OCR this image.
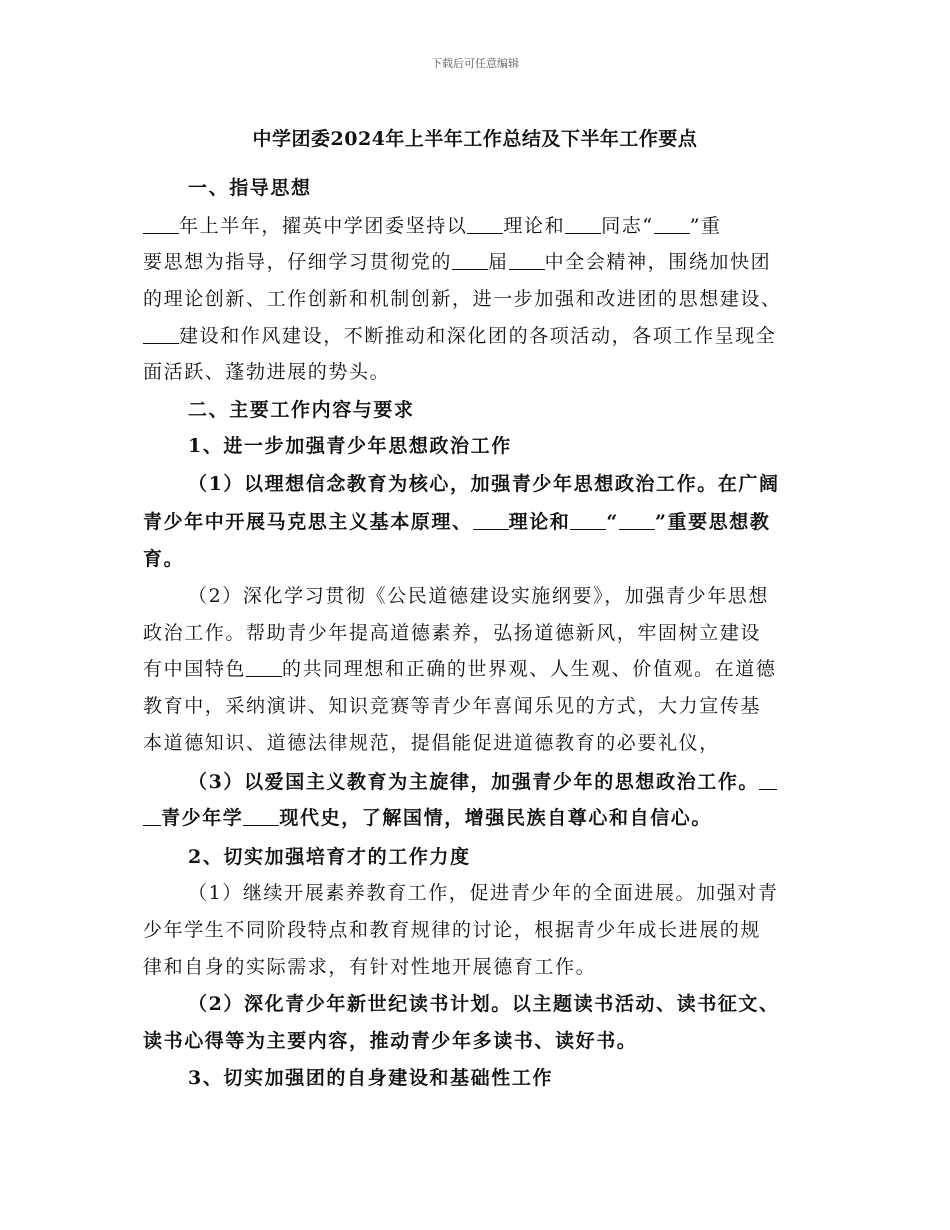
下载后可任意编辑
中学团委2024年上半年工作总结及下半年工作要点
一、指导思想
年上半年，擢英中学团委坚持以 理论和 同志“ ”重
要思想为指导，仔细学习贯彻党的 届 中全会精神，围绕加快团
的理论创新、工作创新和机制创新，进一步加强和改进团的思想建设、
建设和作风建设，不断推动和深化团的各项活动，各项工作呈现全
面活跃、蓬勃进展的势头。
二、主要工作内容与要求
1、进一步加强青少年思想政治工作
（1）以理想信念教育为核心，加强青少年思想政治工作。在广阔
青少年中开展马克思主义基本原理、 理论和 “ ”重要思想教
育。
（2）深化学习贯彻《公民道德建设实施纲要》，加强青少年思想
政治工作。帮助青少年提高道德素养，弘扬道德新风，牢固树立建设
有中国特色 的共同理想和正确的世界观、人生观、价值观。在道德
教育中，采纳演讲、知识竞赛等青少年喜闻乐见的方式，大力宣传基
本道德知识、道德法律规范，提倡能促进道德教育的必要礼仪，
（3）以爱国主义教育为主旋律，加强青少年的思想政治工作。
青少年学 现代史，了解国情，增强民族自尊心和自信心。
2、切实加强培育才的工作力度
（1）继续开展素养教育工作，促进青少年的全面进展。加强对青
少年学生不同阶段特点和教育规律的讨论，根据青少年成长进展的规
律和自身的实际需求，有针对性地开展德育工作。
（2）深化青少年新世纪读书计划。以主题读书活动、读书征文、
读书心得等为主要内容，推动青少年多读书、读好书。
3、切实加强团的自身建设和基础性工作
